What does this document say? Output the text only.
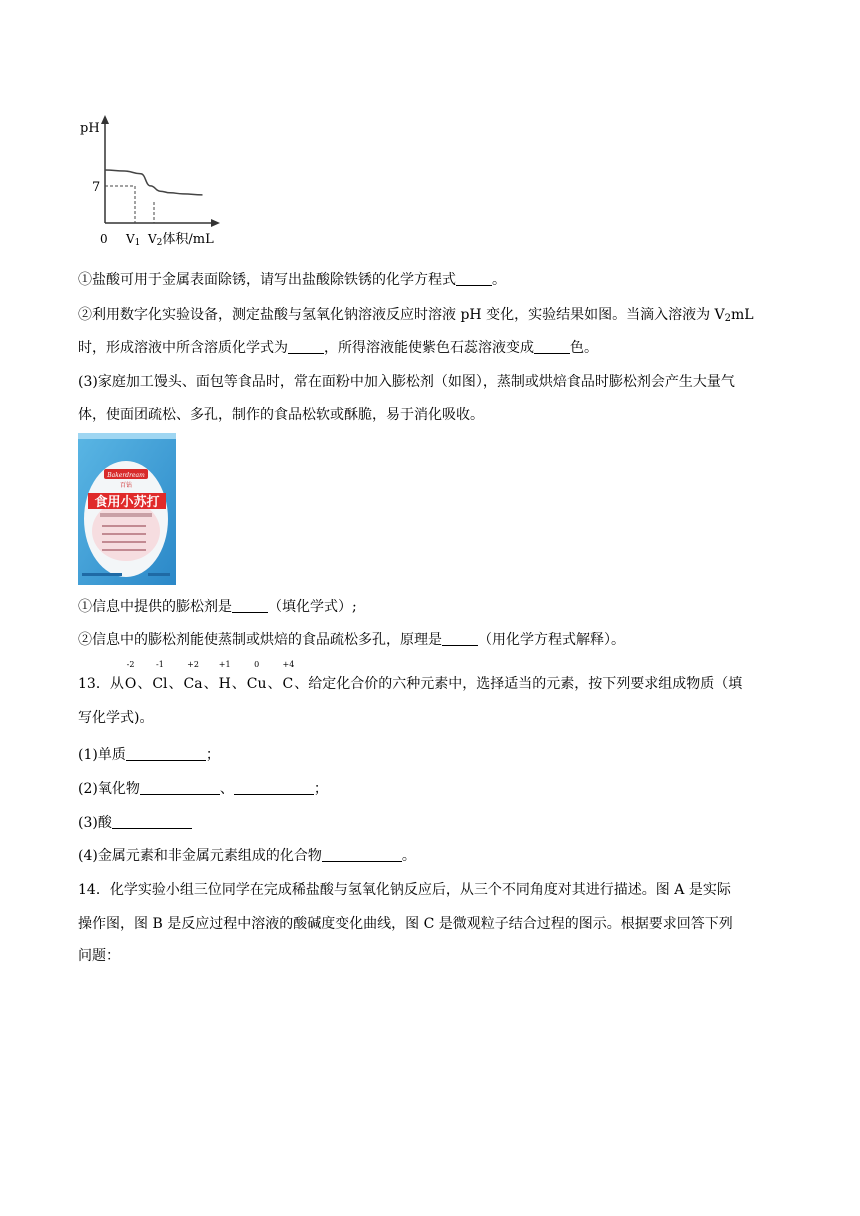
pH
7
0 V1 V2体积/mL
①盐酸可用于金属表面除锈，请写出盐酸除铁锈的化学方程式	。
②利用数字化实验设备，测定盐酸与氢氧化钠溶液反应时溶液 pH 变化，实验结果如图。当滴入溶液为 $V_2mL$
时，形成溶液中所含溶质化学式为	，所得溶液能使紫色石蕊溶液变成	色。
(3)家庭加工馒头、面包等食品时，常在面粉中加入膨松剂（如图），蒸制或烘焙食品时膨松剂会产生大量气
体，使面团疏松、多孔，制作的食品松软或酥脆，易于消化吸收。
Bakerdream
百钻
食用小苏打
①信息中提供的膨松剂是	（填化学式）;
②信息中的膨松剂能使蒸制或烘焙的食品疏松多孔，原理是	（用化学方程式解释）。
13．从
-2
O、
-1
Cl、
+2
Ca、
+1
H、
0
Cu、
+4
C、给定化合价的六种元素中，选择适当的元素，按下列要求组成物质（填
写化学式)。
(1)单质	；
(2)氧化物	、	；
(3)酸
(4)金属元素和非金属元素组成的化合物	。
14．化学实验小组三位同学在完成稀盐酸与氢氧化钠反应后，从三个不同角度对其进行描述。图 A 是实际
操作图，图 B 是反应过程中溶液的酸碱度变化曲线，图 C 是微观粒子结合过程的图示。根据要求回答下列
问题：
